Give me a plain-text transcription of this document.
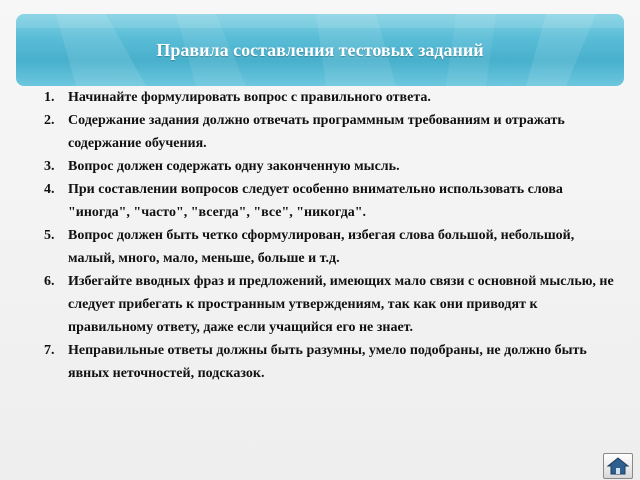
Правила составления тестовых заданий
1. Начинайте формулировать вопрос с правильного ответа.
2. Содержание задания должно отвечать программным требованиям и отражать содержание обучения.
3. Вопрос должен содержать одну законченную мысль.
4. При составлении вопросов следует особенно внимательно использовать слова "иногда", "часто", "всегда", "все", "никогда".
5. Вопрос должен быть четко сформулирован, избегая слова большой, небольшой, малый, много, мало, меньше, больше и т.д.
6. Избегайте вводных фраз и предложений, имеющих мало связи с основной мыслью, не следует прибегать к пространным утверждениям, так как они приводят к правильному ответу, даже если учащийся его не знает.
7. Неправильные ответы должны быть разумны, умело подобраны, не должно быть явных неточностей, подсказок.
